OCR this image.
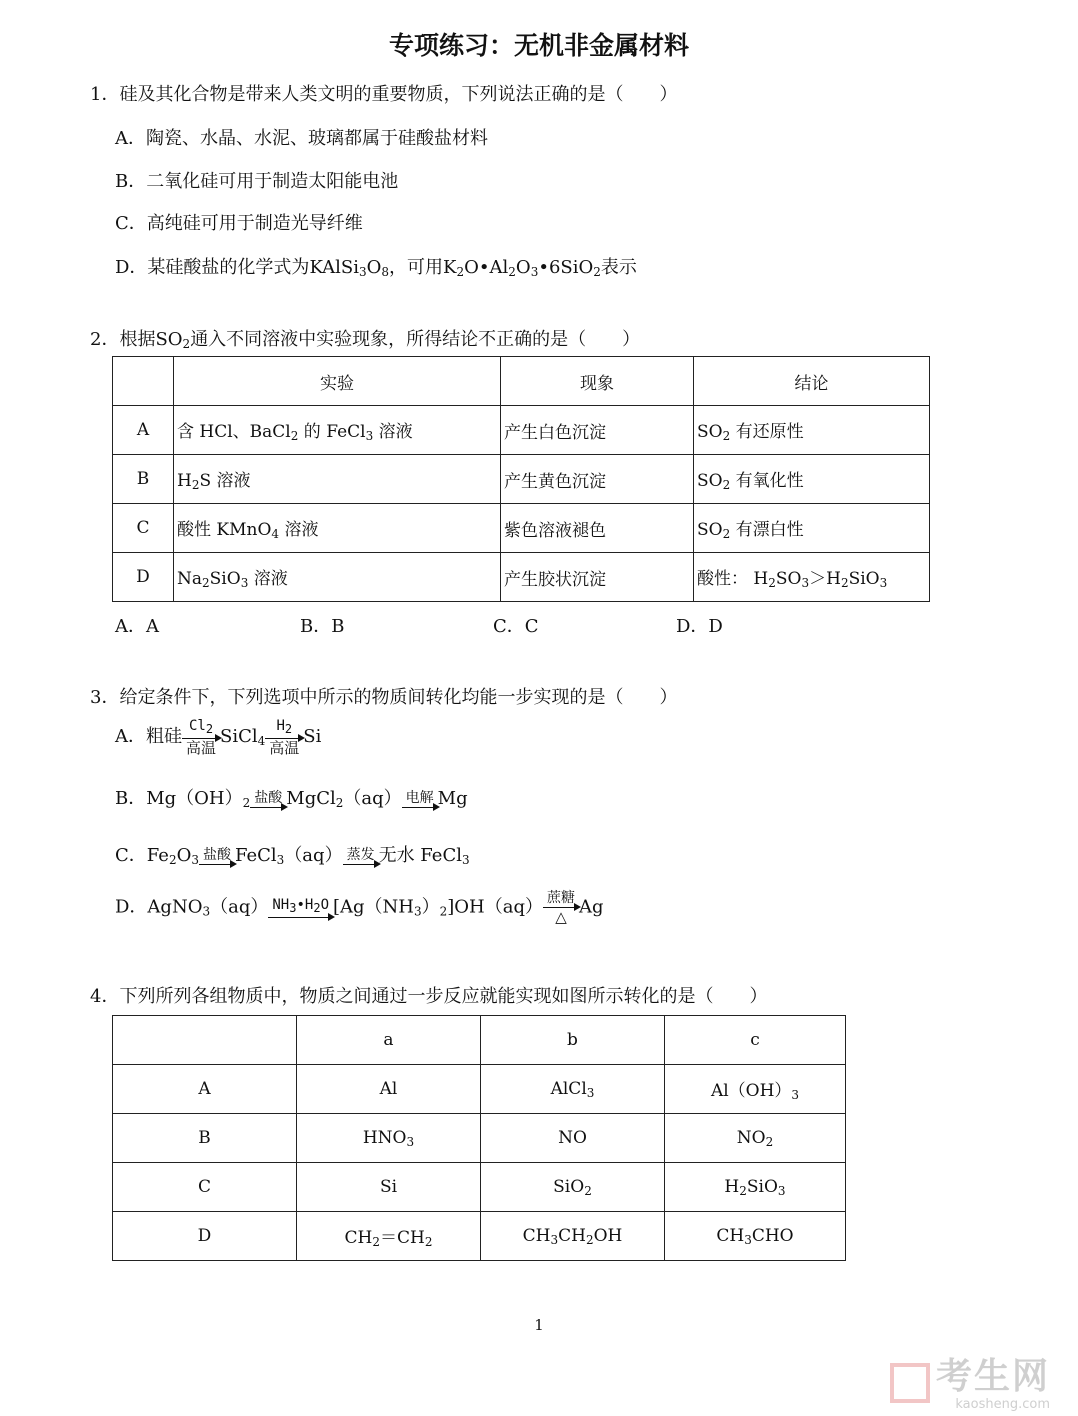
专项练习：无机非金属材料
1．硅及其化合物是带来人类文明的重要物质，下列说法正确的是（　　）
A．陶瓷、水晶、水泥、玻璃都属于硅酸盐材料
B．二氧化硅可用于制造太阳能电池
C．高纯硅可用于制造光导纤维
D．某硅酸盐的化学式为$KAlSi_3O_8$，可用$K_2O•Al_2O_3•6SiO_2$表示
2．根据$SO_2$通入不同溶液中实验现象，所得结论不正确的是（　　）
	实验	现象	结论
A	含 HCl、BaCl$_2$ 的 FeCl$_3$ 溶液	产生白色沉淀	$SO_2$ 有还原性
B	$H_2S$ 溶液	产生黄色沉淀	$SO_2$ 有氧化性
C	酸性 KMnO$_4$ 溶液	紫色溶液褪色	$SO_2$ 有漂白性
D	$Na_2SiO_3$ 溶液	产生胶状沉淀	酸性： $H_2SO_3>H_2SiO_3$
A．A	B．B	C．C	D．D
3．给定条件下，下列选项中所示的物质间转化均能一步实现的是（　　）
A．粗硅 $Cl_2$
高温
SiCl$_4$
$H_2$
高温
Si
B．$Mg(OH)_2$ 盐酸 MgCl$_2$（aq） 电解 Mg
C．$Fe_2O_3$ 盐酸 FeCl$_3$（aq） 蒸发 无水 FeCl$_3$
D．AgNO$_3$（aq） $NH_3•H_2O$ $[Ag(NH_3)_2]OH(aq)$ 蔗糖
△ Ag
4．下列所列各组物质中，物质之间通过一步反应就能实现如图所示转化的是（　　）
	a	b	c
A	Al	AlCl$_3$	$Al(OH)_3$
B	$HNO_3$	NO	$NO_2$
C	Si	SiO$_2$	$H_2SiO_3$
D	$CH_2=CH_2$	$CH_3CH_2OH$	$CH_3CHO$
1
考生网
kaosheng.com
